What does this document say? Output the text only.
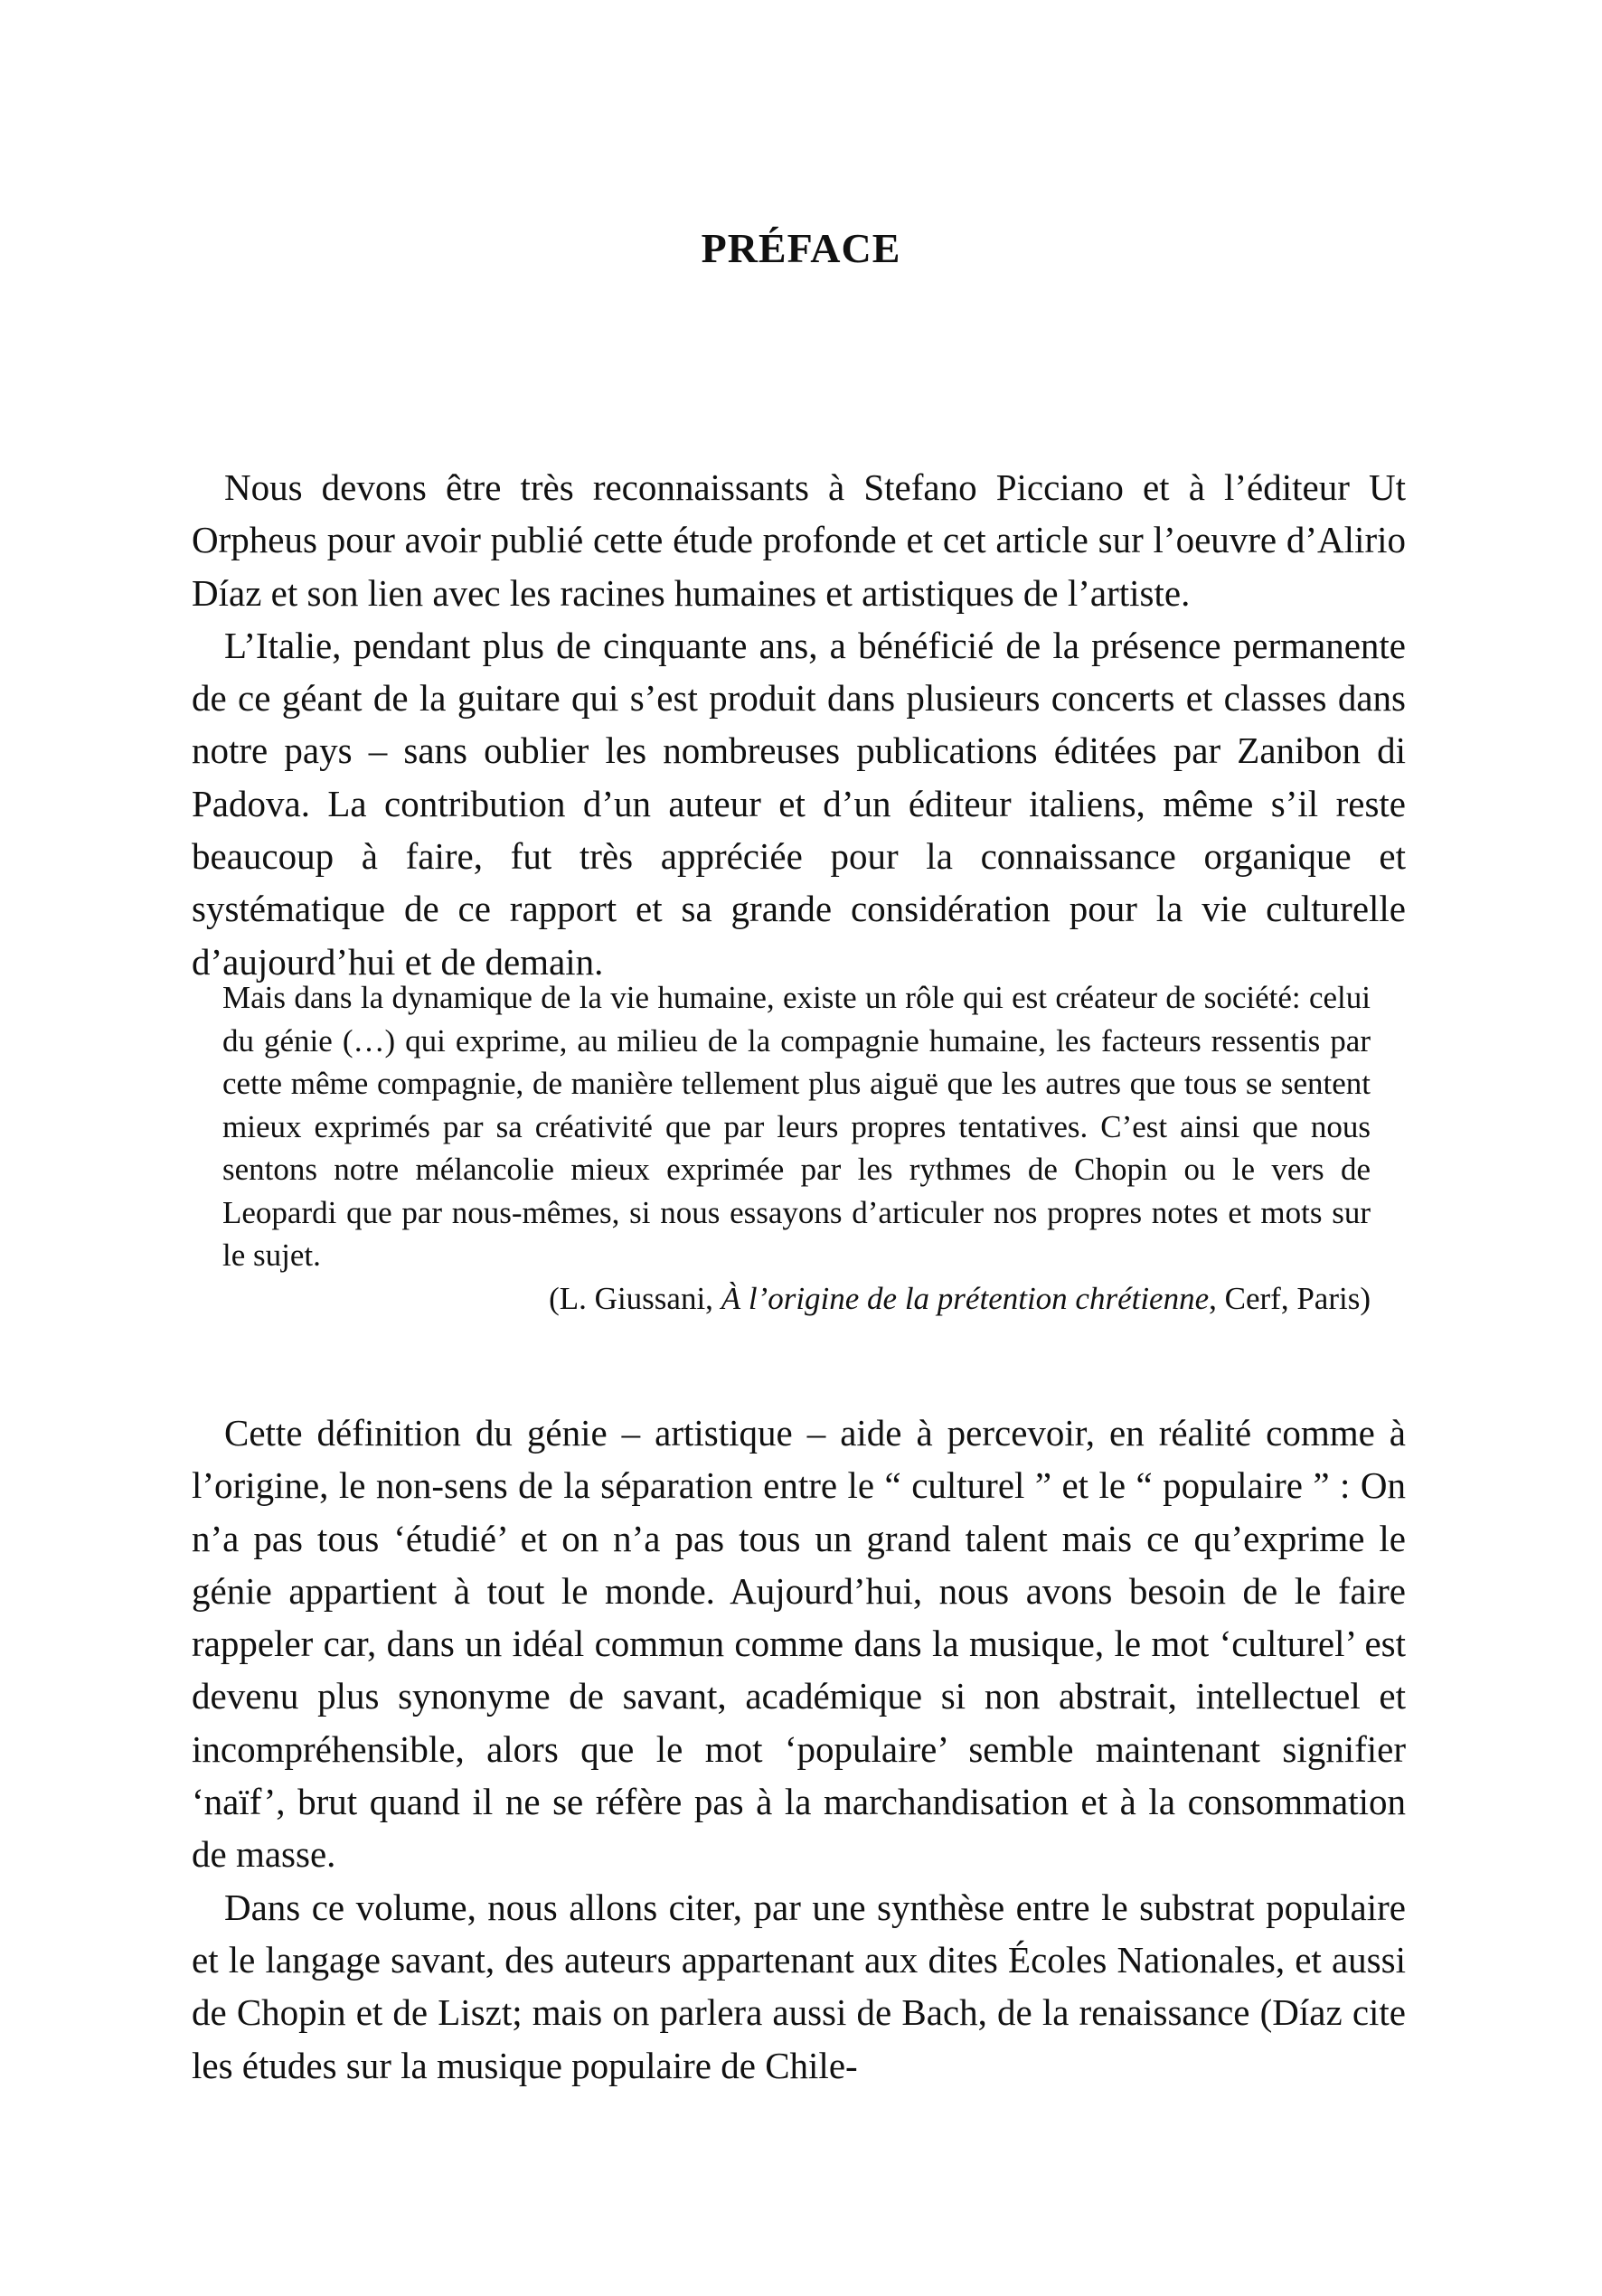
PRÉFACE

Nous devons être très reconnaissants à Stefano Picciano et à l’éditeur Ut Orpheus pour avoir publié cette étude profonde et cet article sur l’oeuvre d’Alirio Díaz et son lien avec les racines humaines et artistiques de l’artiste.

L’Italie, pendant plus de cinquante ans, a bénéficié de la présence permanente de ce géant de la guitare qui s’est produit dans plusieurs concerts et classes dans notre pays – sans oublier les nombreuses publications éditées par Zanibon di Padova. La contribution d’un auteur et d’un éditeur italiens, même s’il reste beaucoup à faire, fut très appréciée pour la connaissance organique et systématique de ce rapport et sa grande considération pour la vie culturelle d’aujourd’hui et de demain.

Mais dans la dynamique de la vie humaine, existe un rôle qui est créateur de société: celui du génie (…) qui exprime, au milieu de la compagnie humaine, les facteurs ressentis par cette même compagnie, de manière tellement plus aiguë que les autres que tous se sentent mieux exprimés par sa créativité que par leurs propres tentatives. C’est ainsi que nous sentons notre mélancolie mieux exprimée par les rythmes de Chopin ou le vers de Leopardi que par nous-mêmes, si nous essayons d’articuler nos propres notes et mots sur le sujet.

(L. Giussani, À l’origine de la prétention chrétienne, Cerf, Paris)

Cette définition du génie – artistique – aide à percevoir, en réalité comme à l’origine, le non-sens de la séparation entre le “ culturel ” et le “ populaire ” : On n’a pas tous ‘étudié’ et on n’a pas tous un grand talent mais ce qu’exprime le génie appartient à tout le monde. Aujourd’hui, nous avons besoin de le faire rappeler car, dans un idéal commun comme dans la musique, le mot ‘culturel’ est devenu plus synonyme de savant, académique si non abstrait, intellectuel et incompréhensible, alors que le mot ‘populaire’ semble maintenant signifier ‘naïf’, brut quand il ne se réfère pas à la marchandisation et à la consommation de masse.

Dans ce volume, nous allons citer, par une synthèse entre le substrat populaire et le langage savant, des auteurs appartenant aux dites Écoles Nationales, et aussi de Chopin et de Liszt; mais on parlera aussi de Bach, de la renaissance (Díaz cite les études sur la musique populaire de Chile-
